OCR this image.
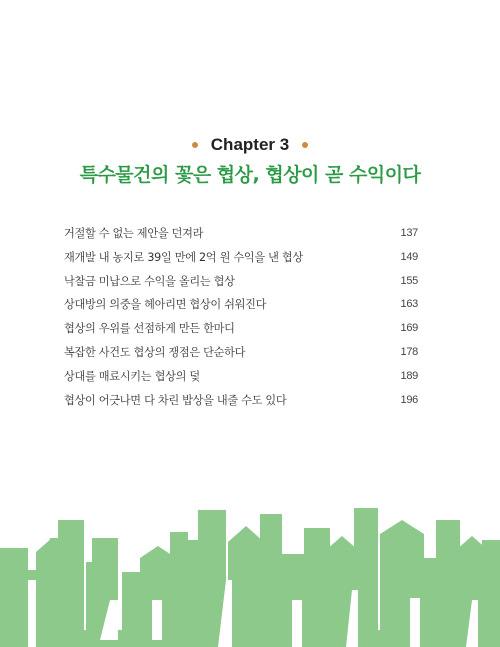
Chapter 3
특수물건의 꽃은 협상, 협상이 곧 수익이다
거절할 수 없는 제안을 던져라	137
재개발 내 농지로 39일 만에 2억 원 수익을 낸 협상	149
낙찰금 미납으로 수익을 올리는 협상	155
상대방의 의중을 헤아리면 협상이 쉬워진다	163
협상의 우위를 선점하게 만든 한마디	169
복잡한 사건도 협상의 쟁점은 단순하다	178
상대를 매료시키는 협상의 덫	189
협상이 어긋나면 다 차린 밥상을 내줄 수도 있다	196
